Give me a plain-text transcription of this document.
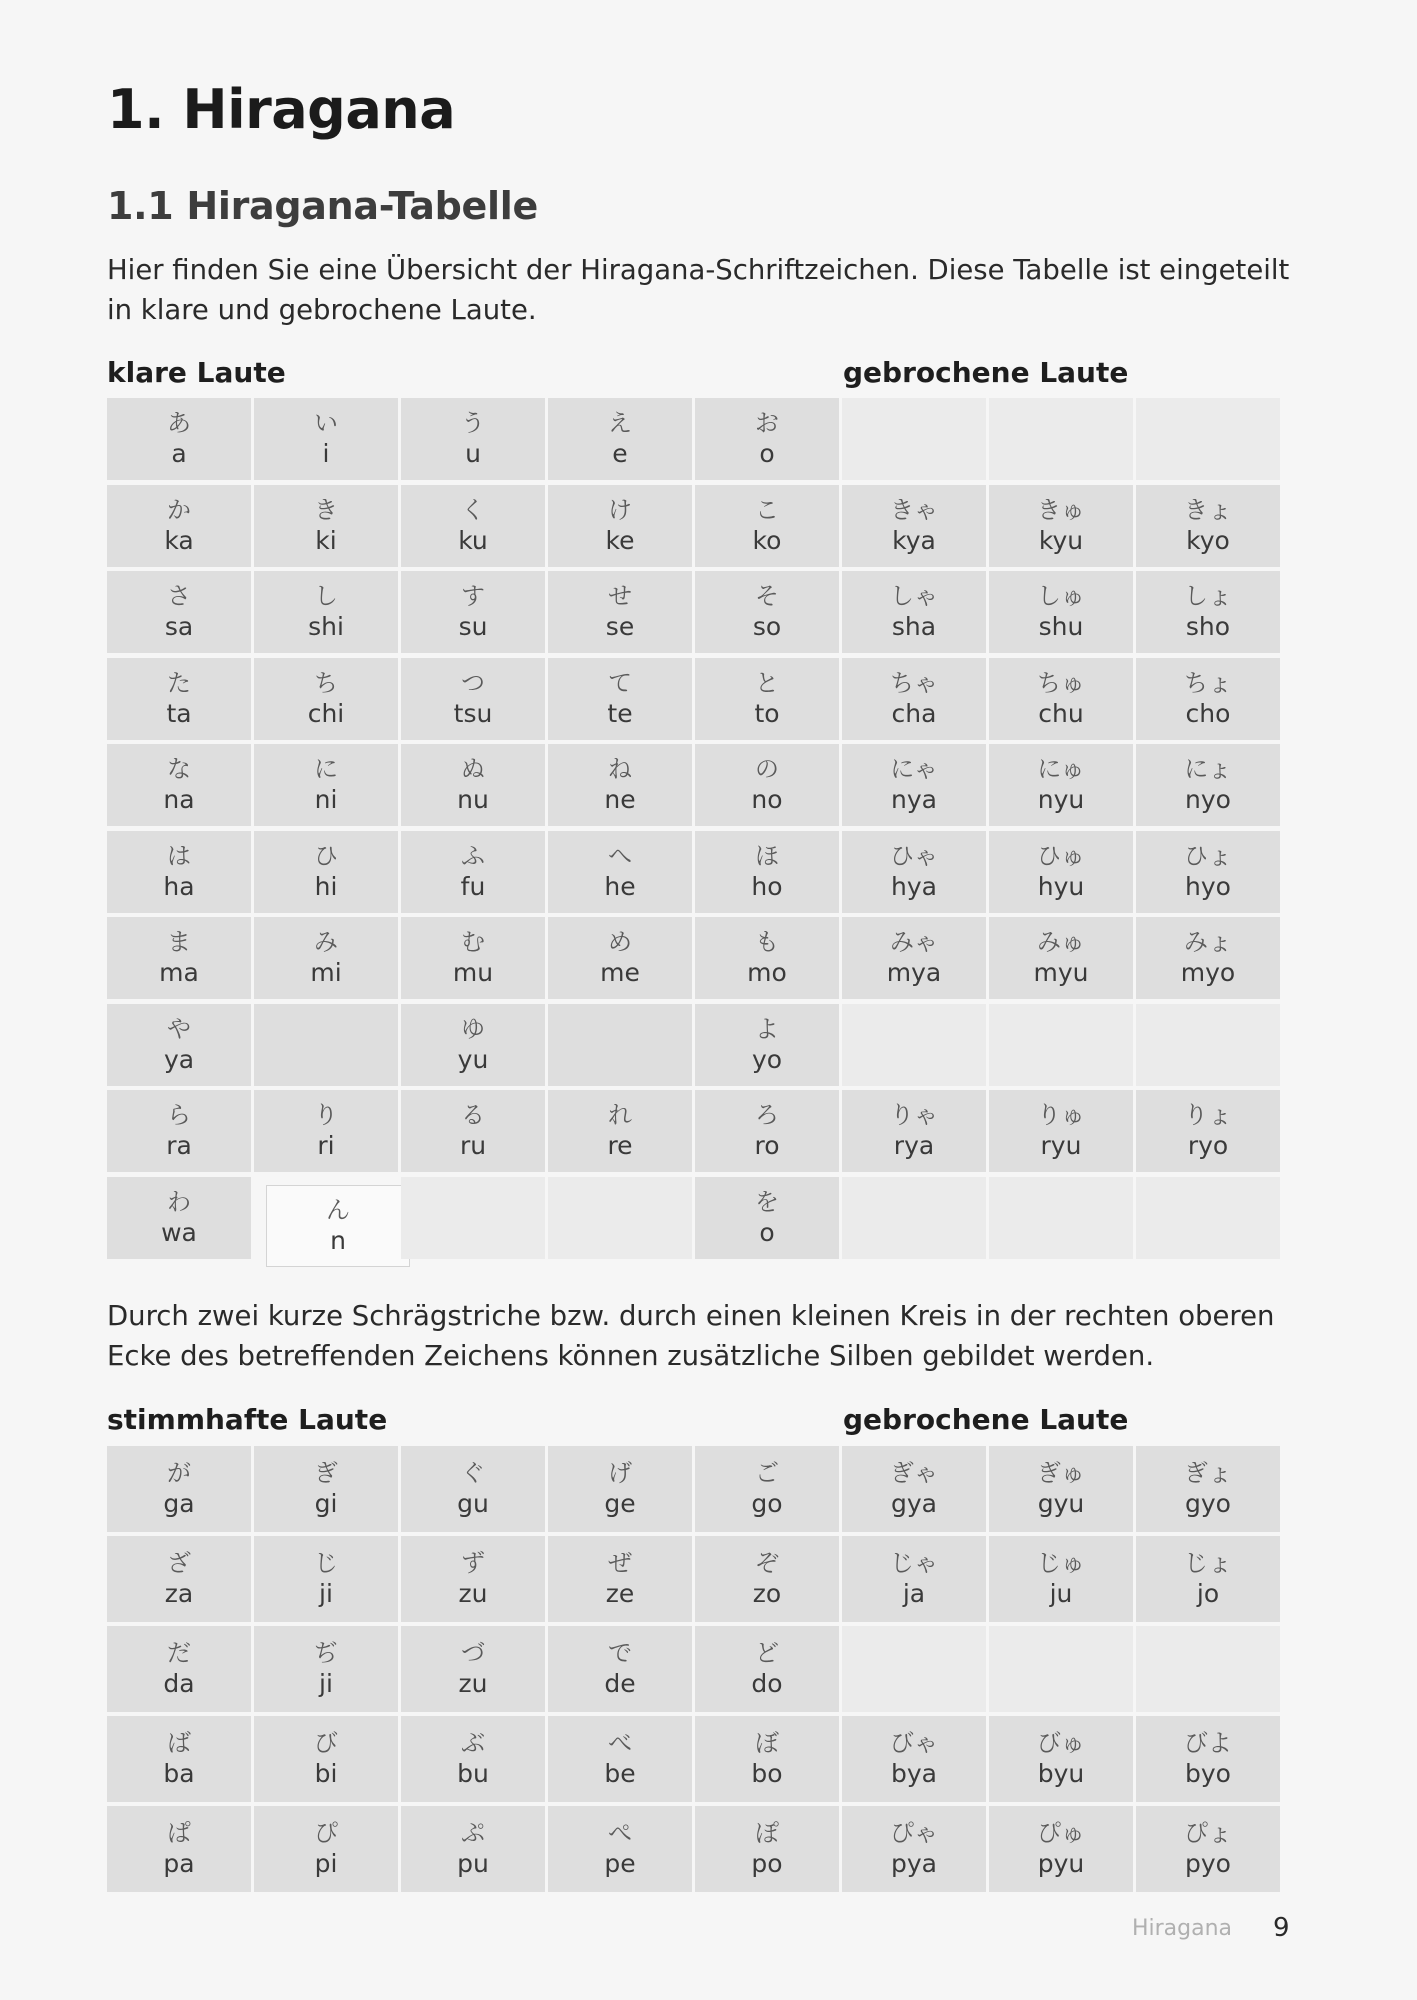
1. Hiragana
1.1 Hiragana-Tabelle

Hier finden Sie eine Übersicht der Hiragana-Schriftzeichen. Diese Tabelle ist eingeteilt in klare und gebrochene Laute.

klare Laute	gebrochene Laute

あ
a
い
i
う
u
え
e
お
o
か
ka
き
ki
く
ku
け
ke
こ
ko
きゃ
kya
きゅ
kyu
きょ
kyo
さ
sa
し
shi
す
su
せ
se
そ
so
しゃ
sha
しゅ
shu
しょ
sho
た
ta
ち
chi
つ
tsu
て
te
と
to
ちゃ
cha
ちゅ
chu
ちょ
cho
な
na
に
ni
ぬ
nu
ね
ne
の
no
にゃ
nya
にゅ
nyu
にょ
nyo
は
ha
ひ
hi
ふ
fu
へ
he
ほ
ho
ひゃ
hya
ひゅ
hyu
ひょ
hyo
ま
ma
み
mi
む
mu
め
me
も
mo
みゃ
mya
みゅ
myu
みょ
myo
や
ya
ゆ
yu
よ
yo
ら
ra
り
ri
る
ru
れ
re
ろ
ro
りゃ
rya
りゅ
ryu
りょ
ryo
わ
wa
ん
n
を
o

Durch zwei kurze Schrägstriche bzw. durch einen kleinen Kreis in der rechten oberen Ecke des betreffenden Zeichens können zusätzliche Silben gebildet werden.

stimmhafte Laute	gebrochene Laute

が
ga
ぎ
gi
ぐ
gu
げ
ge
ご
go
ぎゃ
gya
ぎゅ
gyu
ぎょ
gyo
ざ
za
じ
ji
ず
zu
ぜ
ze
ぞ
zo
じゃ
ja
じゅ
ju
じょ
jo
だ
da
ぢ
ji
づ
zu
で
de
ど
do
ば
ba
び
bi
ぶ
bu
べ
be
ぼ
bo
びゃ
bya
びゅ
byu
びよ
byo
ぱ
pa
ぴ
pi
ぷ
pu
ぺ
pe
ぽ
po
ぴゃ
pya
ぴゅ
pyu
ぴょ
pyo

Hiragana 9
